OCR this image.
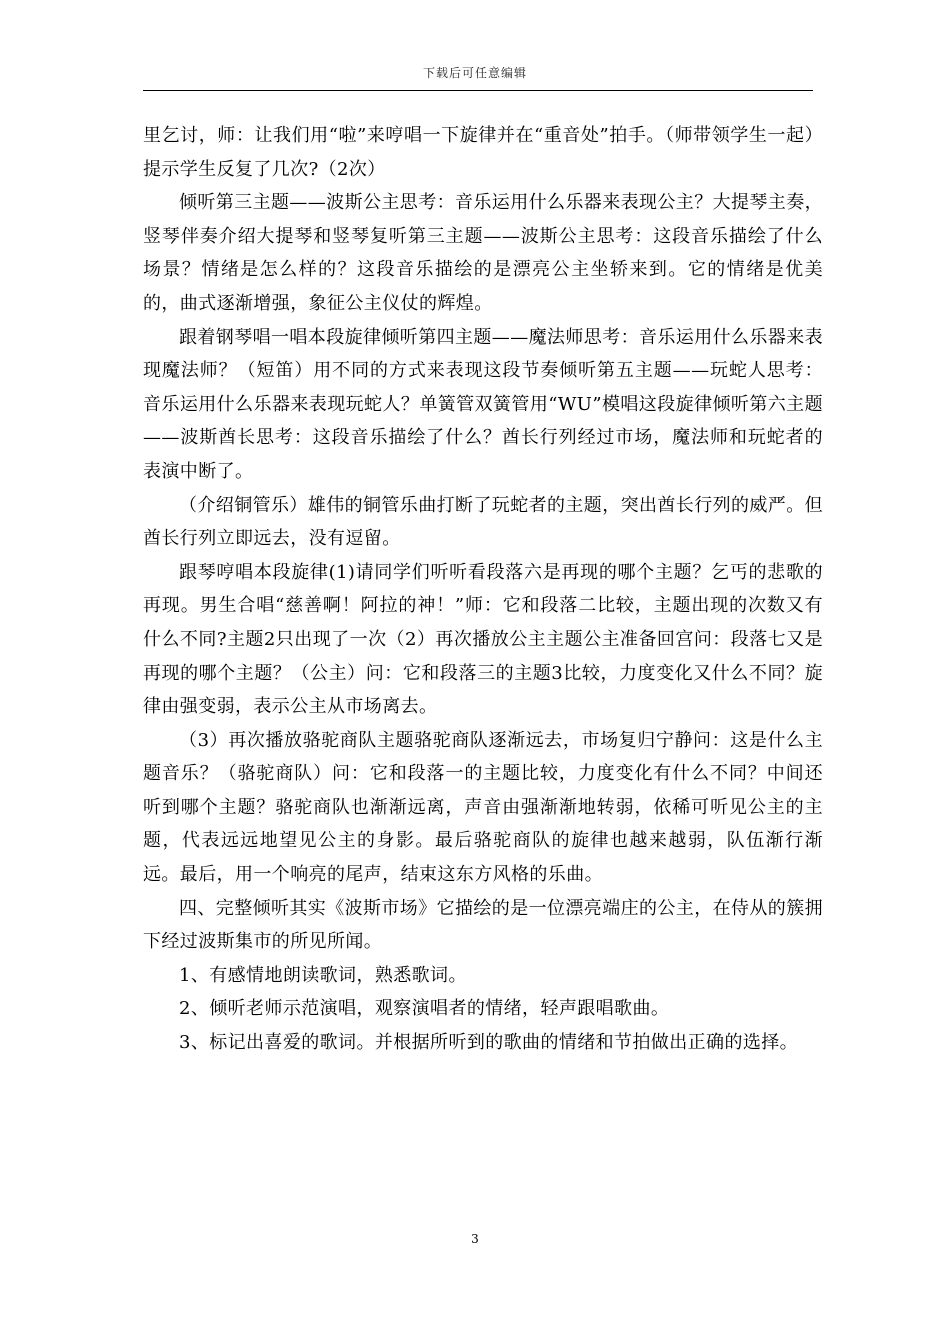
下载后可任意编辑

里乞讨，师：让我们用“啦”来哼唱一下旋律并在“重音处”拍手。（师带领学生一起）提示学生反复了几次?（2次）

倾听第三主题——波斯公主思考：音乐运用什么乐器来表现公主？大提琴主奏，竖琴伴奏介绍大提琴和竖琴复听第三主题——波斯公主思考：这段音乐描绘了什么场景？情绪是怎么样的？这段音乐描绘的是漂亮公主坐轿来到。它的情绪是优美的，曲式逐渐增强，象征公主仪仗的辉煌。

跟着钢琴唱一唱本段旋律倾听第四主题——魔法师思考：音乐运用什么乐器来表现魔法师？（短笛）用不同的方式来表现这段节奏倾听第五主题——玩蛇人思考：音乐运用什么乐器来表现玩蛇人？单簧管双簧管用“WU”模唱这段旋律倾听第六主题——波斯酋长思考：这段音乐描绘了什么？酋长行列经过市场，魔法师和玩蛇者的表演中断了。

（介绍铜管乐）雄伟的铜管乐曲打断了玩蛇者的主题，突出酋长行列的威严。但酋长行列立即远去，没有逗留。

跟琴哼唱本段旋律(1)请同学们听听看段落六是再现的哪个主题？乞丐的悲歌的再现。男生合唱“慈善啊！阿拉的神！”师：它和段落二比较，主题出现的次数又有什么不同?主题2只出现了一次（2）再次播放公主主题公主准备回宫问：段落七又是再现的哪个主题？（公主）问：它和段落三的主题3比较，力度变化又什么不同？旋律由强变弱，表示公主从市场离去。

（3）再次播放骆驼商队主题骆驼商队逐渐远去，市场复归宁静问：这是什么主题音乐？（骆驼商队）问：它和段落一的主题比较，力度变化有什么不同？中间还听到哪个主题？骆驼商队也渐渐远离，声音由强渐渐地转弱，依稀可听见公主的主题，代表远远地望见公主的身影。最后骆驼商队的旋律也越来越弱，队伍渐行渐远。最后，用一个响亮的尾声，结束这东方风格的乐曲。

四、完整倾听其实《波斯市场》它描绘的是一位漂亮端庄的公主，在侍从的簇拥下经过波斯集市的所见所闻。

1、有感情地朗读歌词，熟悉歌词。

2、倾听老师示范演唱，观察演唱者的情绪，轻声跟唱歌曲。

3、标记出喜爱的歌词。并根据所听到的歌曲的情绪和节拍做出正确的选择。

3
